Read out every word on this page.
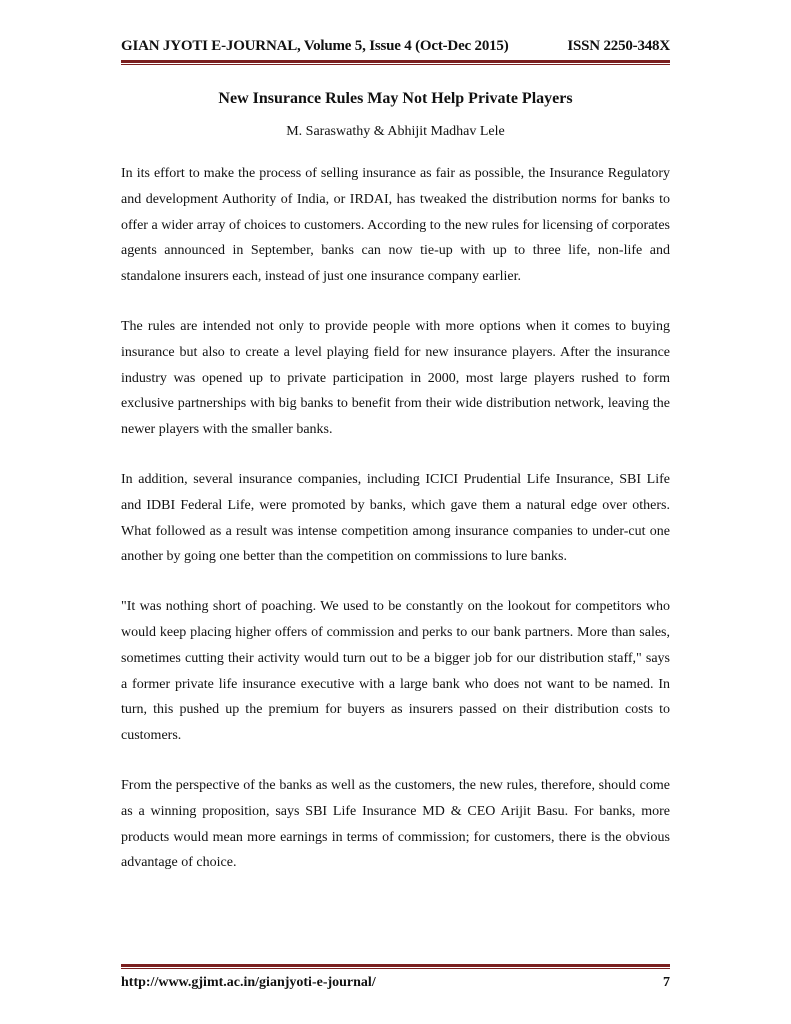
GIAN JYOTI E-JOURNAL, Volume 5, Issue 4 (Oct-Dec 2015)	ISSN 2250-348X
New Insurance Rules May Not Help Private Players
M. Saraswathy & Abhijit Madhav Lele

In its effort to make the process of selling insurance as fair as possible, the Insurance Regulatory and development Authority of India, or IRDAI, has tweaked the distribution norms for banks to offer a wider array of choices to customers. According to the new rules for licensing of corporates agents announced in September, banks can now tie-up with up to three life, non-life and standalone insurers each, instead of just one insurance company earlier.

The rules are intended not only to provide people with more options when it comes to buying insurance but also to create a level playing field for new insurance players. After the insurance industry was opened up to private participation in 2000, most large players rushed to form exclusive partnerships with big banks to benefit from their wide distribution network, leaving the newer players with the smaller banks.

In addition, several insurance companies, including ICICI Prudential Life Insurance, SBI Life and IDBI Federal Life, were promoted by banks, which gave them a natural edge over others. What followed as a result was intense competition among insurance companies to under-cut one another by going one better than the competition on commissions to lure banks.

"It was nothing short of poaching. We used to be constantly on the lookout for competitors who would keep placing higher offers of commission and perks to our bank partners. More than sales, sometimes cutting their activity would turn out to be a bigger job for our distribution staff," says a former private life insurance executive with a large bank who does not want to be named. In turn, this pushed up the premium for buyers as insurers passed on their distribution costs to customers.

From the perspective of the banks as well as the customers, the new rules, therefore, should come as a winning proposition, says SBI Life Insurance MD & CEO Arijit Basu. For banks, more products would mean more earnings in terms of commission; for customers, there is the obvious advantage of choice.

http://www.gjimt.ac.in/gianjyoti-e-journal/	7
